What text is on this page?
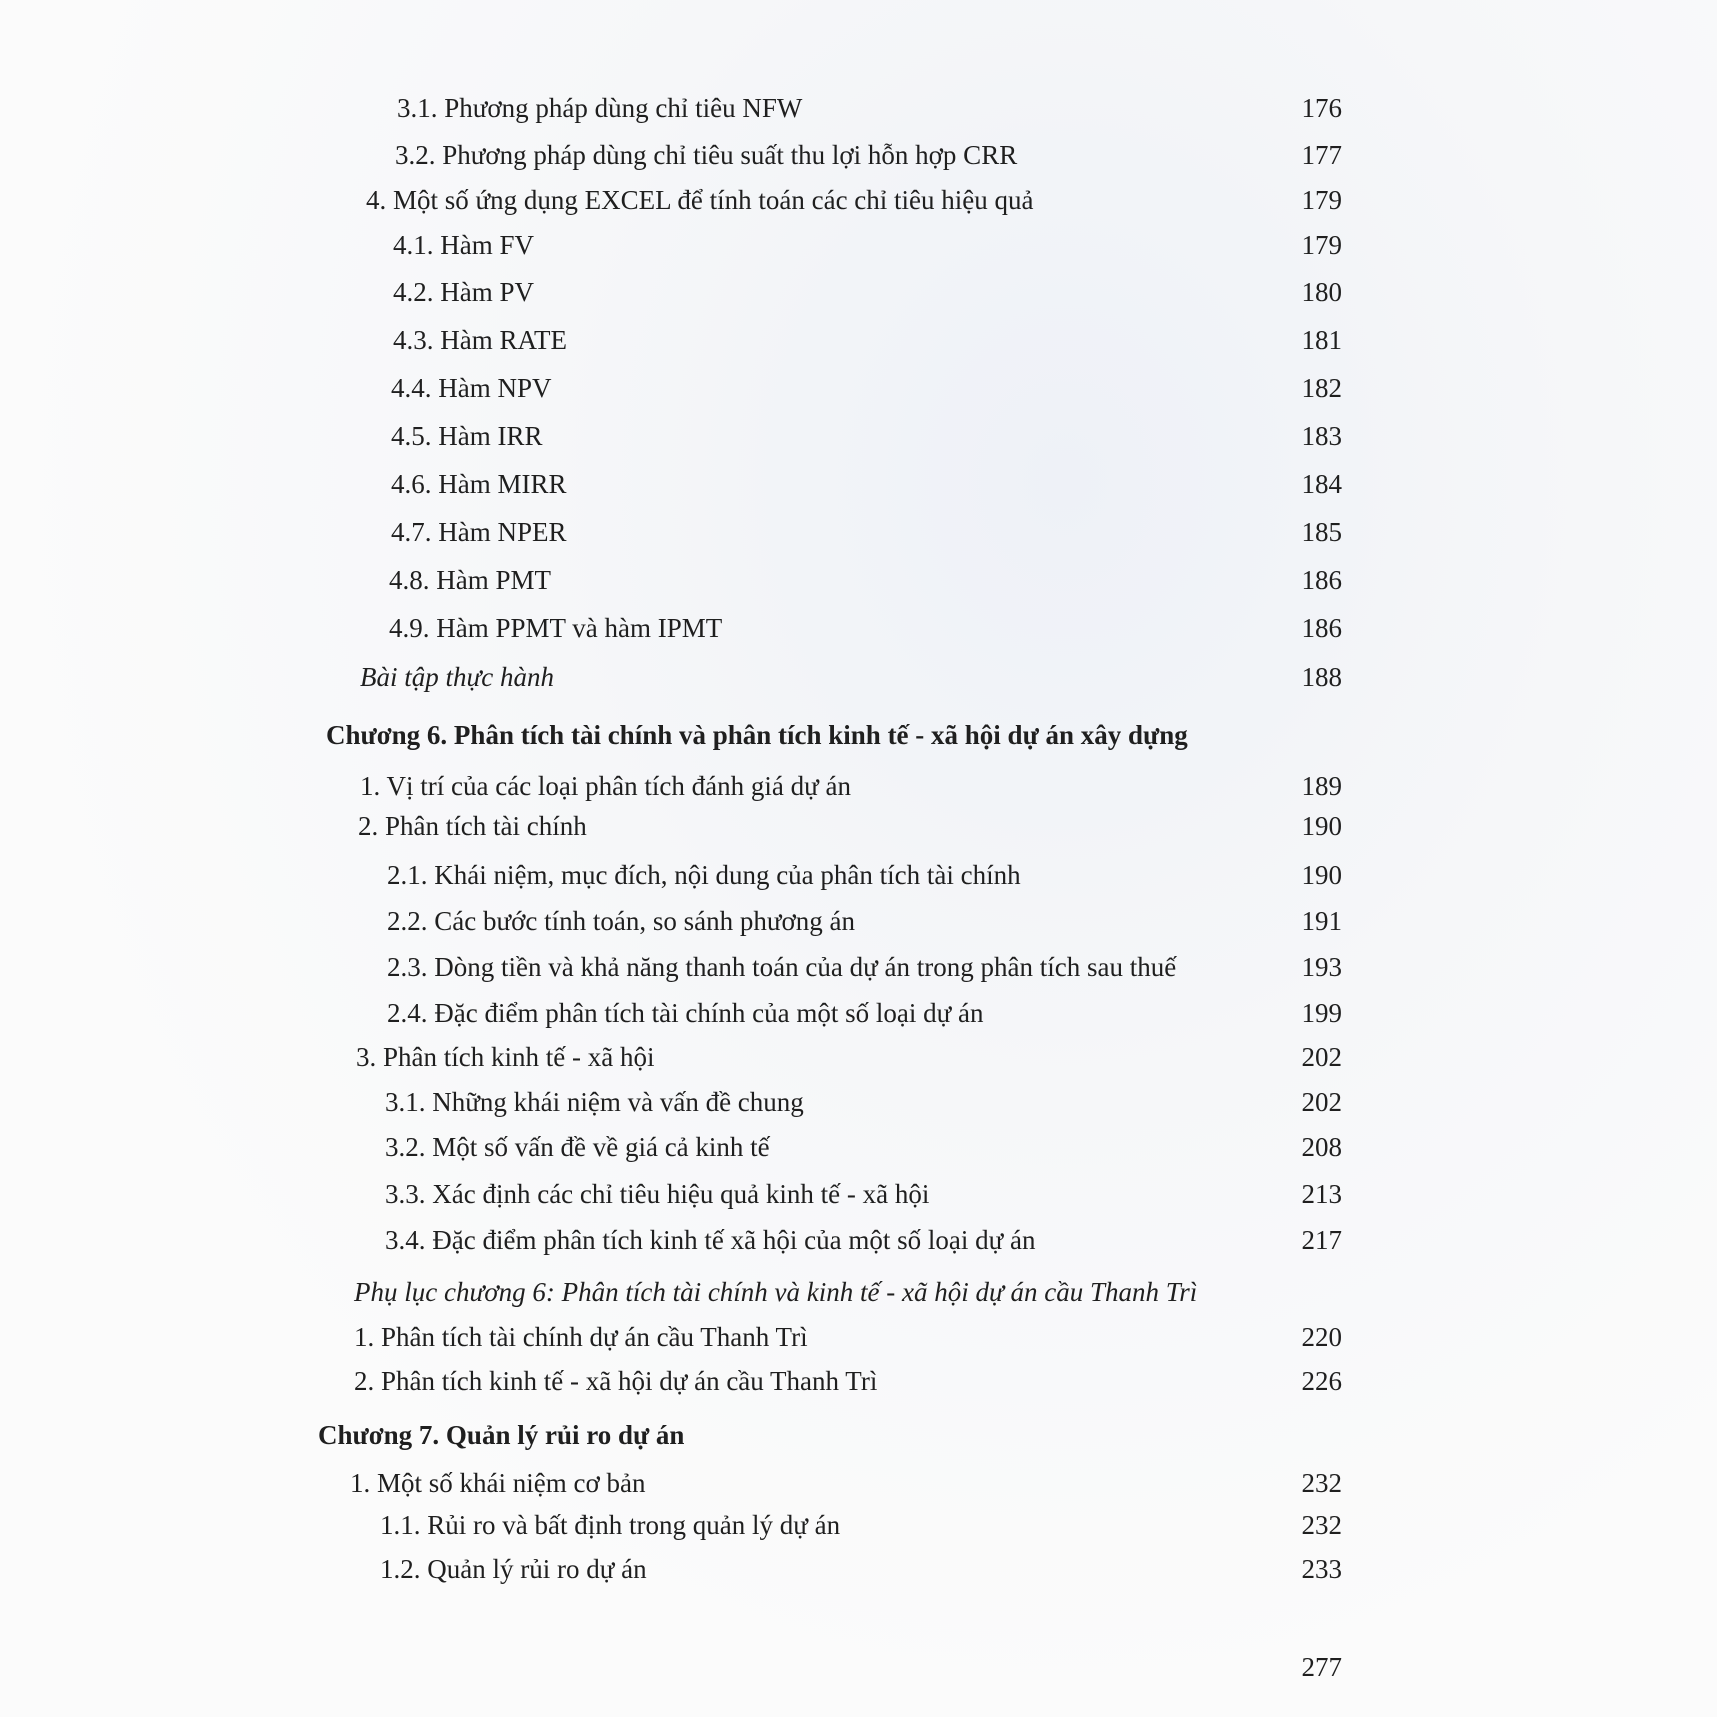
3.1. Phương pháp dùng chỉ tiêu NFW	176
3.2. Phương pháp dùng chỉ tiêu suất thu lợi hỗn hợp CRR	177
4. Một số ứng dụng EXCEL để tính toán các chỉ tiêu hiệu quả	179
4.1. Hàm FV	179
4.2. Hàm PV	180
4.3. Hàm RATE	181
4.4. Hàm NPV	182
4.5. Hàm IRR	183
4.6. Hàm MIRR	184
4.7. Hàm NPER	185
4.8. Hàm PMT	186
4.9. Hàm PPMT và hàm IPMT	186
Bài tập thực hành	188
Chương 6. Phân tích tài chính và phân tích kinh tế - xã hội dự án xây dựng
1. Vị trí của các loại phân tích đánh giá dự án	189
2. Phân tích tài chính	190
2.1. Khái niệm, mục đích, nội dung của phân tích tài chính	190
2.2. Các bước tính toán, so sánh phương án	191
2.3. Dòng tiền và khả năng thanh toán của dự án trong phân tích sau thuế	193
2.4. Đặc điểm phân tích tài chính của một số loại dự án	199
3. Phân tích kinh tế - xã hội	202
3.1. Những khái niệm và vấn đề chung	202
3.2. Một số vấn đề về giá cả kinh tế	208
3.3. Xác định các chỉ tiêu hiệu quả kinh tế - xã hội	213
3.4. Đặc điểm phân tích kinh tế xã hội của một số loại dự án	217
Phụ lục chương 6: Phân tích tài chính và kinh tế - xã hội dự án cầu Thanh Trì
1. Phân tích tài chính dự án cầu Thanh Trì	220
2. Phân tích kinh tế - xã hội dự án cầu Thanh Trì	226
Chương 7. Quản lý rủi ro dự án
1. Một số khái niệm cơ bản	232
1.1. Rủi ro và bất định trong quản lý dự án	232
1.2. Quản lý rủi ro dự án	233
277
